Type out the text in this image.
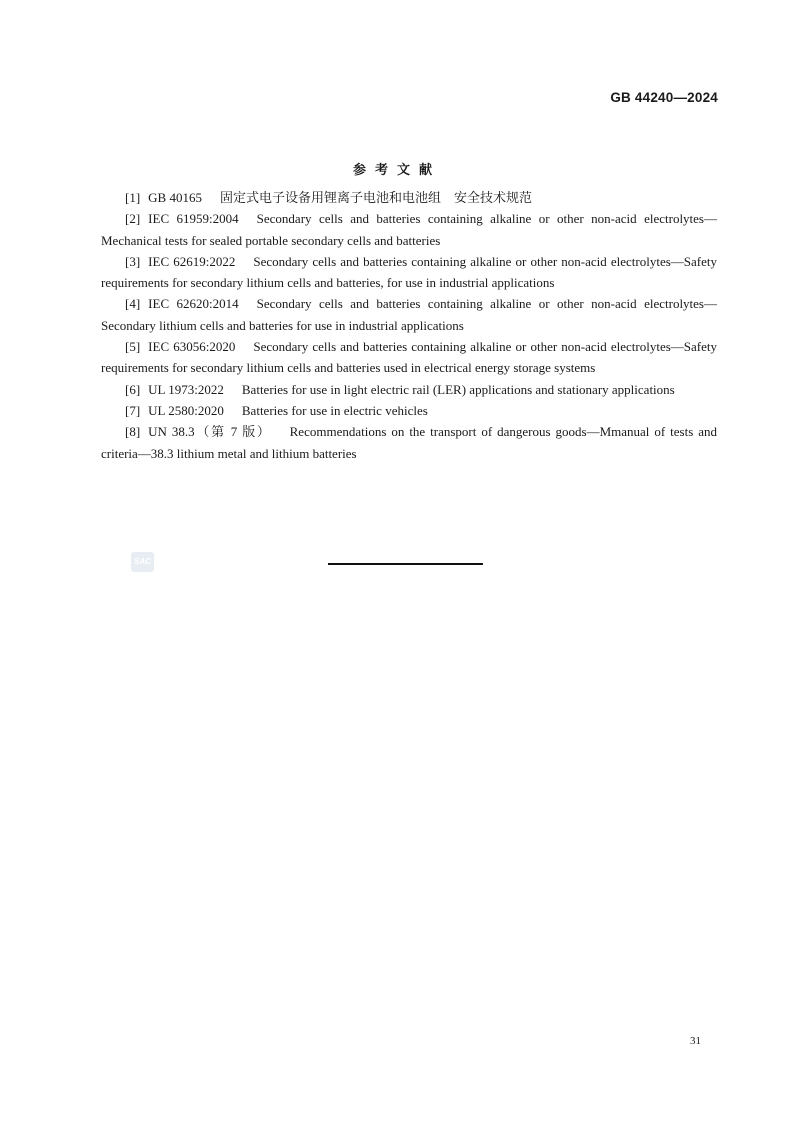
GB 44240—2024
参考文献
[1] GB 40165 固定式电子设备用锂离子电池和电池组　安全技术规范
[2] IEC 61959:2004 Secondary cells and batteries containing alkaline or other non-acid electrolytes—Mechanical tests for sealed portable secondary cells and batteries
[3] IEC 62619:2022 Secondary cells and batteries containing alkaline or other non-acid electrolytes—Safety requirements for secondary lithium cells and batteries, for use in industrial applications
[4] IEC 62620:2014 Secondary cells and batteries containing alkaline or other non-acid electrolytes—Secondary lithium cells and batteries for use in industrial applications
[5] IEC 63056:2020 Secondary cells and batteries containing alkaline or other non-acid electrolytes—Safety requirements for secondary lithium cells and batteries used in electrical energy storage systems
[6] UL 1973:2022 Batteries for use in light electric rail (LER) applications and stationary applications
[7] UL 2580:2020 Batteries for use in electric vehicles
[8] UN 38.3（第 7 版） Recommendations on the transport of dangerous goods—Mmanual of tests and criteria—38.3 lithium metal and lithium batteries
SAC
31
